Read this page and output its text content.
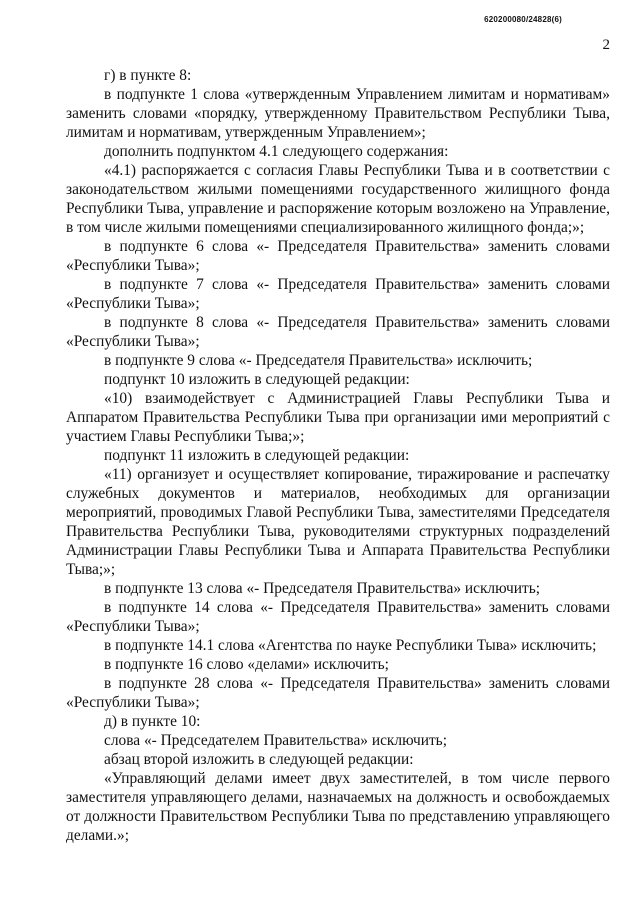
620200080/24828(6)
2

г) в пункте 8:

в подпункте 1 слова «утвержденным Управлением лимитам и нормативам» заменить словами «порядку, утвержденному Правительством Республики Тыва, лимитам и нормативам, утвержденным Управлением»;

дополнить подпунктом 4.1 следующего содержания:

«4.1) распоряжается с согласия Главы Республики Тыва и в соответствии с законодательством жилыми помещениями государственного жилищного фонда Республики Тыва, управление и распоряжение которым возложено на Управление, в том числе жилыми помещениями специализированного жилищного фонда;»;

в подпункте 6 слова «- Председателя Правительства» заменить словами «Республики Тыва»;

в подпункте 7 слова «- Председателя Правительства» заменить словами «Республики Тыва»;

в подпункте 8 слова «- Председателя Правительства» заменить словами «Республики Тыва»;

в подпункте 9 слова «- Председателя Правительства» исключить;

подпункт 10 изложить в следующей редакции:

«10) взаимодействует с Администрацией Главы Республики Тыва и Аппаратом Правительства Республики Тыва при организации ими мероприятий с участием Главы Республики Тыва;»;

подпункт 11 изложить в следующей редакции:

«11) организует и осуществляет копирование, тиражирование и распечатку служебных документов и материалов, необходимых для организации мероприятий, проводимых Главой Республики Тыва, заместителями Председателя Правительства Республики Тыва, руководителями структурных подразделений Администрации Главы Республики Тыва и Аппарата Правительства Республики Тыва;»;

в подпункте 13 слова «- Председателя Правительства» исключить;

в подпункте 14 слова «- Председателя Правительства» заменить словами «Республики Тыва»;

в подпункте 14.1 слова «Агентства по науке Республики Тыва» исключить;

в подпункте 16 слово «делами» исключить;

в подпункте 28 слова «- Председателя Правительства» заменить словами «Республики Тыва»;

д) в пункте 10:

слова «- Председателем Правительства» исключить;

абзац второй изложить в следующей редакции:

«Управляющий делами имеет двух заместителей, в том числе первого заместителя управляющего делами, назначаемых на должность и освобождаемых от должности Правительством Республики Тыва по представлению управляющего делами.»;
